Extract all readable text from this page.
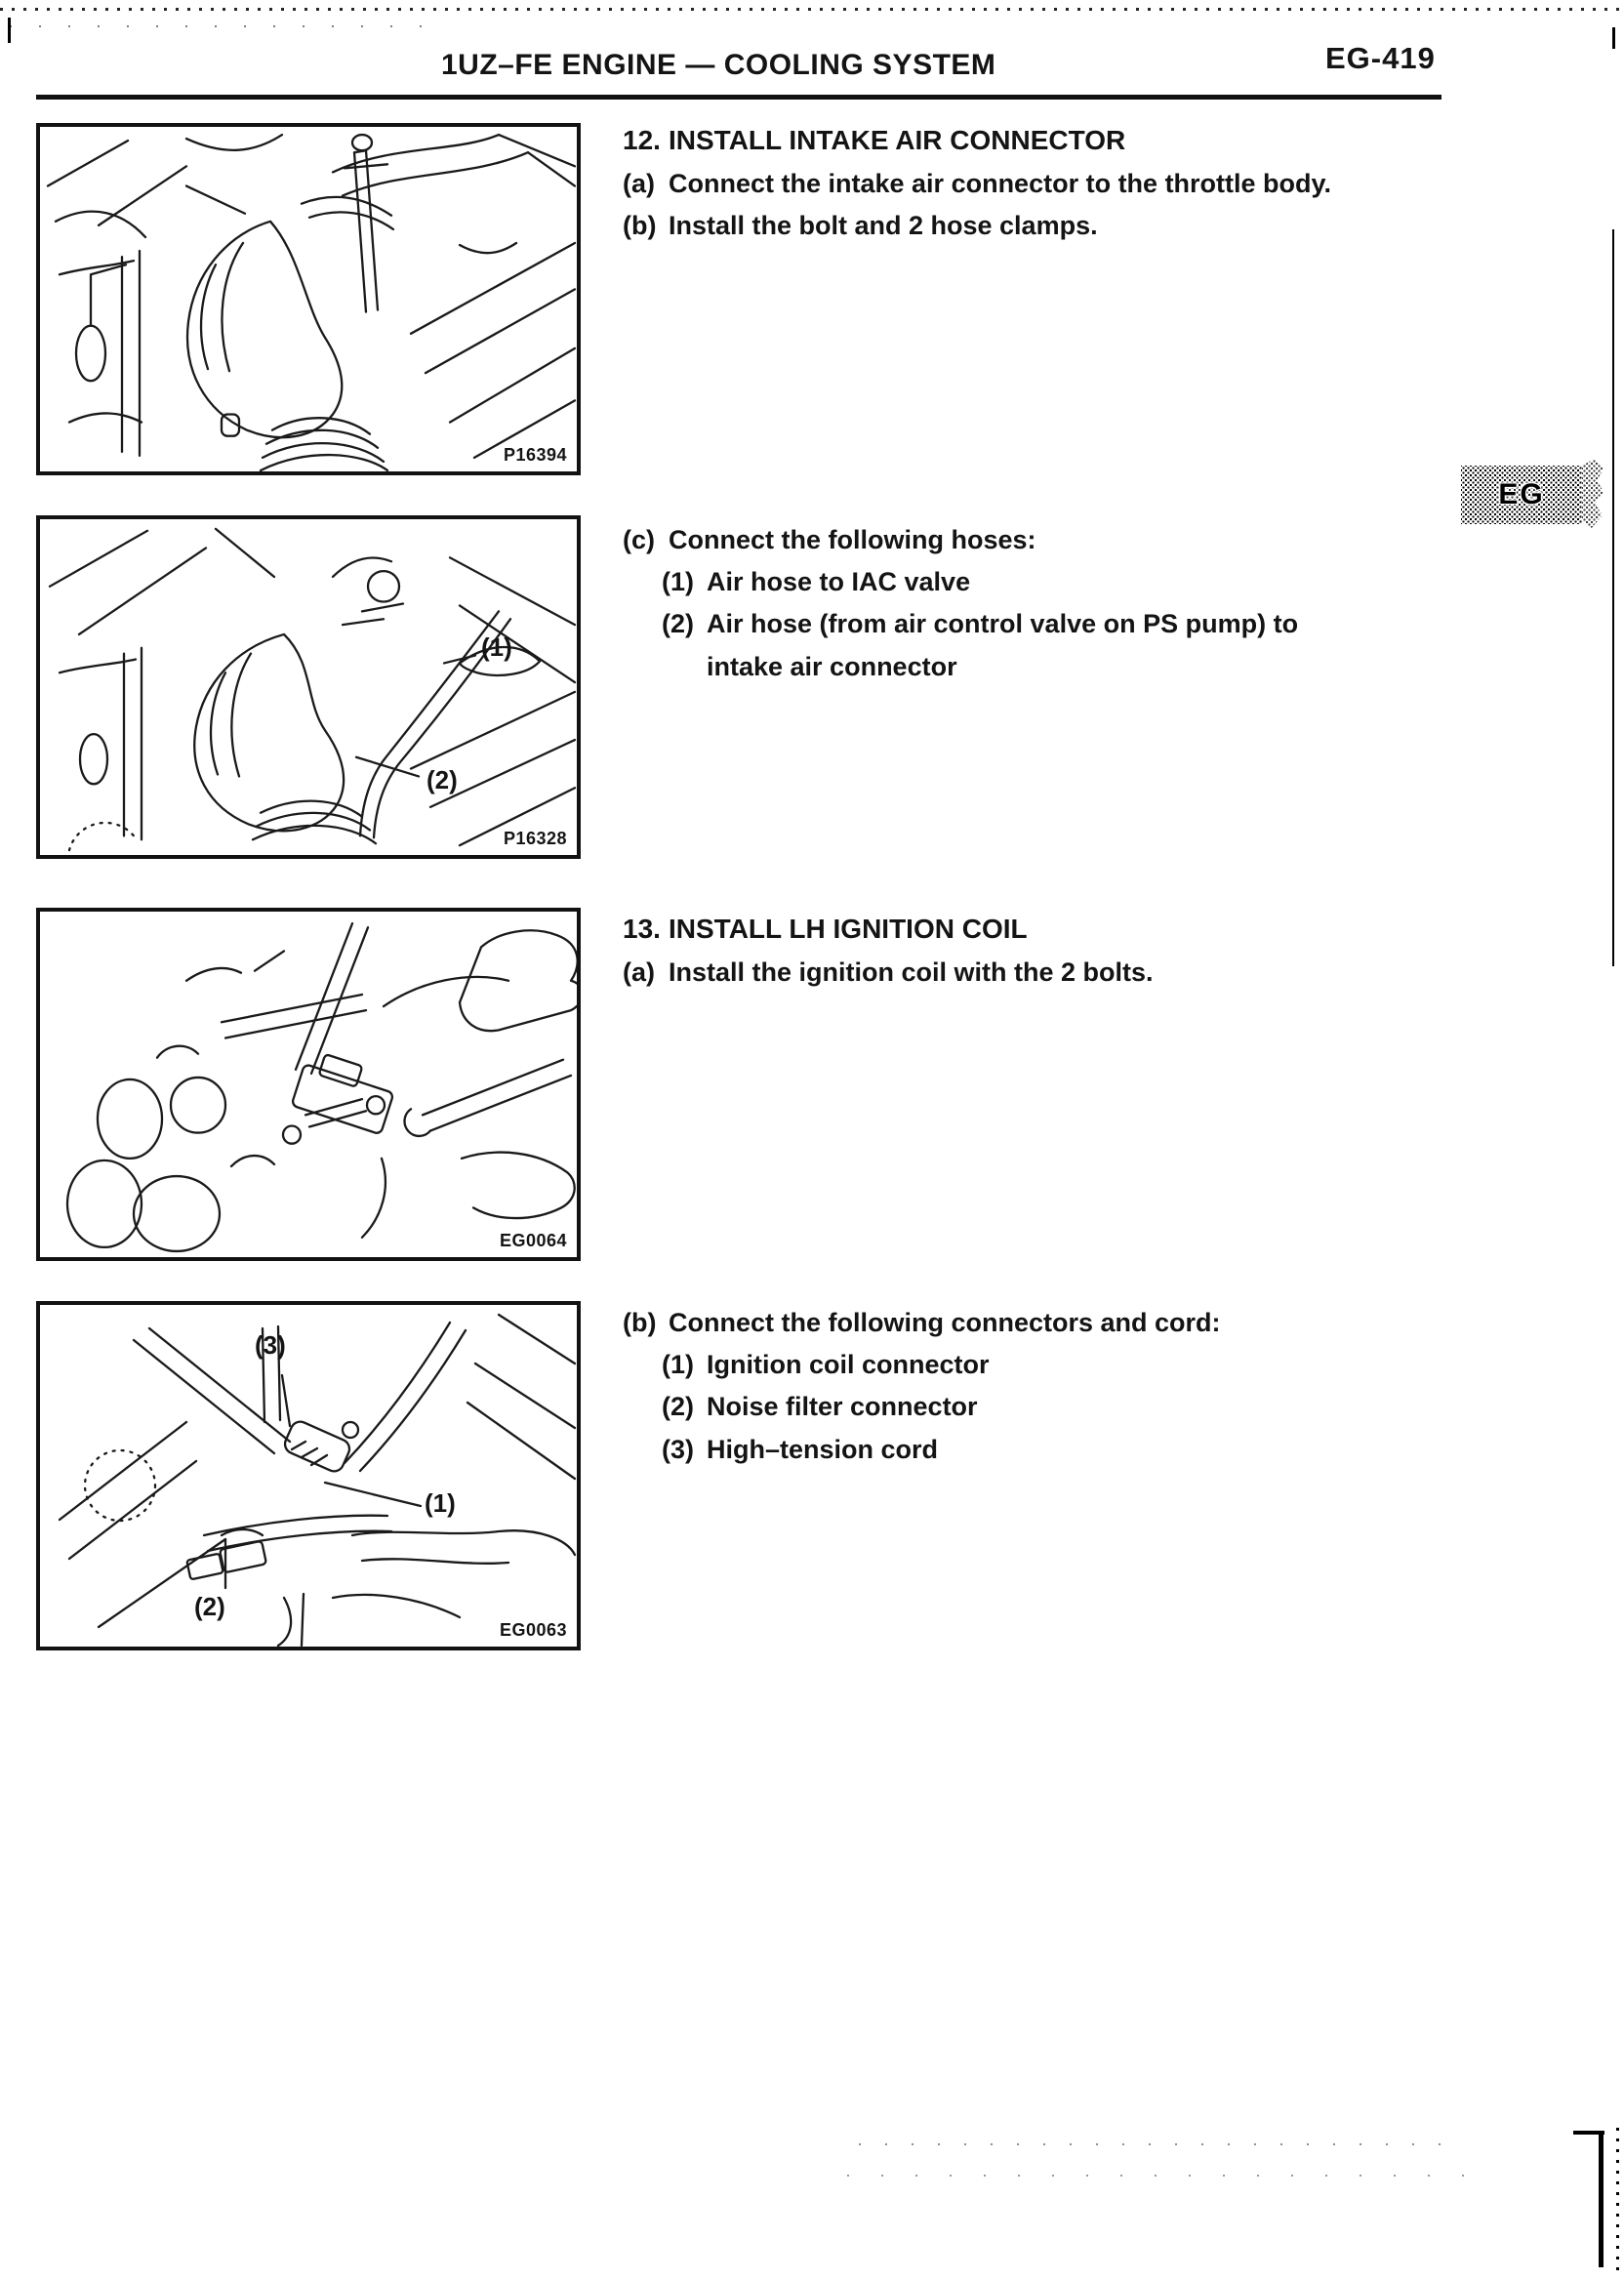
1UZ–FE ENGINE — COOLING SYSTEM	EG-419
EG
P16394
(1)
(2)
P16328
EG0064
(3)
(1)
(2)
EG0063
12. INSTALL INTAKE AIR CONNECTOR
(a) Connect the intake air connector to the throttle body.
(b) Install the bolt and 2 hose clamps.
(c) Connect the following hoses:
(1) Air hose to IAC valve
(2) Air hose (from air control valve on PS pump) to
intake air connector
13. INSTALL LH IGNITION COIL
(a) Install the ignition coil with the 2 bolts.
(b) Connect the following connectors and cord:
(1) Ignition coil connector
(2) Noise filter connector
(3) High–tension cord
